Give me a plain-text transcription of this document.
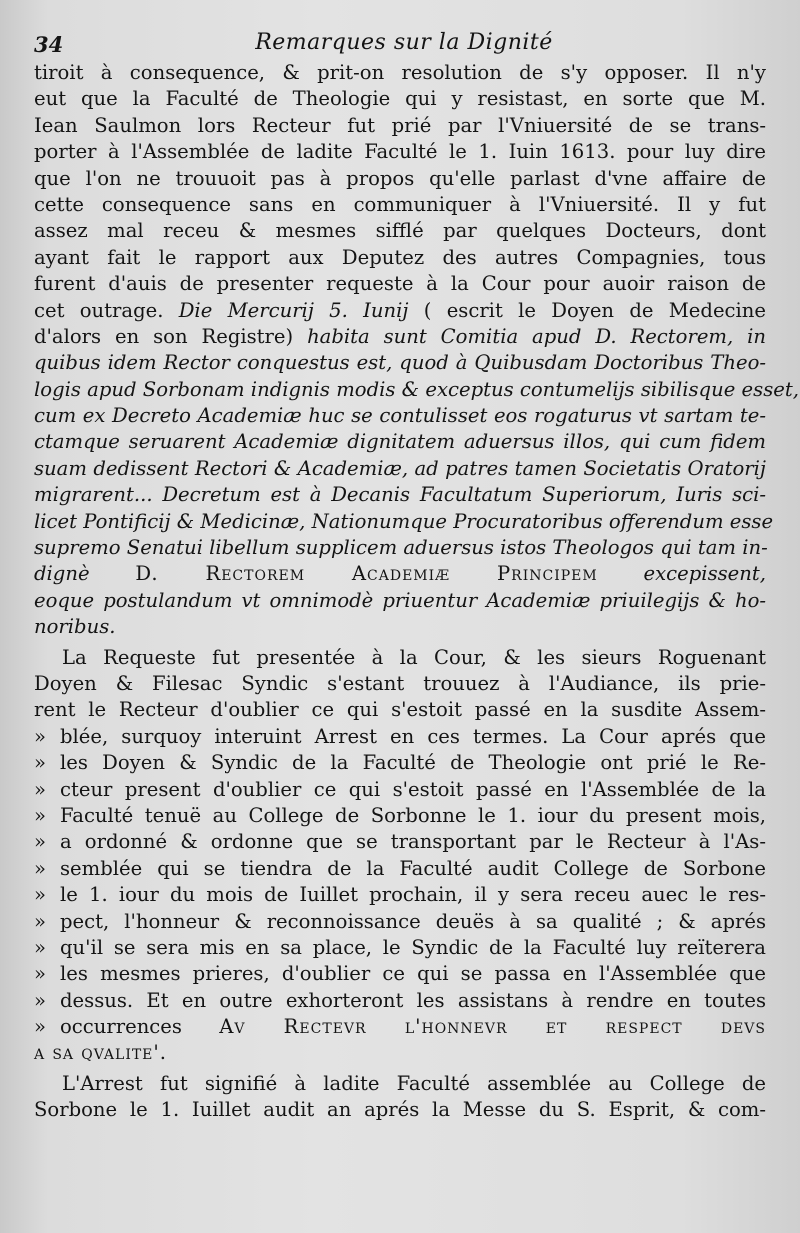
34	Remarques sur la Dignité
tiroit à consequence, & prit-on resolution de s'y opposer. Il n'y
eut que la Faculté de Theologie qui y resistast, en sorte que M.
Iean Saulmon lors Recteur fut prié par l'Vniuersité de se trans-
porter à l'Assemblée de ladite Faculté le 1. Iuin 1613. pour luy dire
que l'on ne trouuoit pas à propos qu'elle parlast d'vne affaire de
cette consequence sans en communiquer à l'Vniuersité. Il y fut
assez mal receu & mesmes sifflé par quelques Docteurs, dont
ayant fait le rapport aux Deputez des autres Compagnies, tous
furent d'auis de presenter requeste à la Cour pour auoir raison de
cet outrage. Die Mercurij 5. Iunij ( escrit le Doyen de Medecine
d'alors en son Registre) habita sunt Comitia apud D. Rectorem, in
quibus idem Rector conquestus est, quod à Quibusdam Doctoribus Theo-
logis apud Sorbonam indignis modis & exceptus contumelijs sibilisque esset,
cum ex Decreto Academiæ huc se contulisset eos rogaturus vt sartam te-
ctamque seruarent Academiæ dignitatem aduersus illos, qui cum fidem
suam dedissent Rectori & Academiæ, ad patres tamen Societatis Oratorij
migrarent... Decretum est à Decanis Facultatum Superiorum, Iuris sci-
licet Pontificij & Medicinæ, Nationumque Procuratoribus offerendum esse
supremo Senatui libellum supplicem aduersus istos Theologos qui tam in-
dignè D. Rectorem Academiæ Principem excepissent,
eoque postulandum vt omnimodè priuentur Academiæ priuilegijs & ho-
noribus.
La Requeste fut presentée à la Cour, & les sieurs Roguenant
Doyen & Filesac Syndic s'estant trouuez à l'Audiance, ils prie-
rent le Recteur d'oublier ce qui s'estoit passé en la susdite Assem-
» blée, surquoy interuint Arrest en ces termes. La Cour aprés que
» les Doyen & Syndic de la Faculté de Theologie ont prié le Re-
» cteur present d'oublier ce qui s'estoit passé en l'Assemblée de la
» Faculté tenuë au College de Sorbonne le 1. iour du present mois,
» a ordonné & ordonne que se transportant par le Recteur à l'As-
» semblée qui se tiendra de la Faculté audit College de Sorbone
» le 1. iour du mois de Iuillet prochain, il y sera receu auec le res-
» pect, l'honneur & reconnoissance deuës à sa qualité ; & aprés
» qu'il se sera mis en sa place, le Syndic de la Faculté luy reïterera
» les mesmes prieres, d'oublier ce qui se passa en l'Assemblée que
» dessus. Et en outre exhorteront les assistans à rendre en toutes
» occurrences Av Rectevr l'honnevr et respect devs
a sa qvalite'.
L'Arrest fut signifié à ladite Faculté assemblée au College de
Sorbone le 1. Iuillet audit an aprés la Messe du S. Esprit, & com-
